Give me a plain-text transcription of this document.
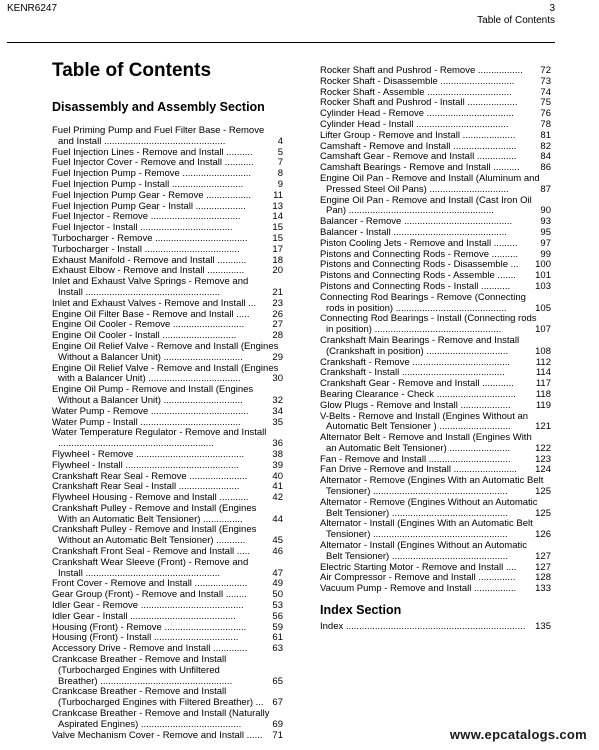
KENR6247	3
Table of Contents
Table of Contents
Disassembly and Assembly Section
Fuel Priming Pump and Fuel Filter Base - Remove
and Install ..............................................	4
Fuel Injection Lines - Remove and Install ..........	5
Fuel Injector Cover - Remove and Install ...........	7
Fuel Injection Pump - Remove ..........................	8
Fuel Injection Pump - Install ...........................	9
Fuel Injection Pump Gear - Remove .................	11
Fuel Injection Pump Gear - Install ...................	13
Fuel Injector - Remove ..................................	14
Fuel Injector - Install ...................................	15
Turbocharger - Remove ...................................	15
Turbocharger - Install ....................................	17
Exhaust Manifold - Remove and Install ...........	18
Exhaust Elbow - Remove and Install ..............	20
Inlet and Exhaust Valve Springs - Remove and
Install ...................................................	21
Inlet and Exhaust Valves - Remove and Install ...	23
Engine Oil Filter Base - Remove and Install .....	26
Engine Oil Cooler - Remove ...........................	27
Engine Oil Cooler - Install ............................	28
Engine Oil Relief Valve - Remove and Install (Engines
Without a Balancer Unit) ..............................	29
Engine Oil Relief Valve - Remove and Install (Engines
with a Balancer Unit) ...................................	30
Engine Oil Pump - Remove and Install (Engines
Without a Balancer Unit) ..............................	32
Water Pump - Remove .....................................	34
Water Pump - Install ......................................	35
Water Temperature Regulator - Remove and Install
...........................................................	36
Flywheel - Remove .........................................	38
Flywheel - Install ...........................................	39
Crankshaft Rear Seal - Remove ......................	40
Crankshaft Rear Seal - Install .......................	41
Flywheel Housing - Remove and Install ...........	42
Crankshaft Pulley - Remove and Install (Engines
With an Automatic Belt Tensioner) ...............	44
Crankshaft Pulley - Remove and Install (Engines
Without an Automatic Belt Tensioner) ...........	45
Crankshaft Front Seal - Remove and Install .....	46
Crankshaft Wear Sleeve (Front) - Remove and
Install ...................................................	47
Front Cover - Remove and Install ....................	49
Gear Group (Front) - Remove and Install ........	50
Idler Gear - Remove .......................................	53
Idler Gear - Install ........................................	56
Housing (Front) - Remove ...............................	59
Housing (Front) - Install ................................	61
Accessory Drive - Remove and Install .............	63
Crankcase Breather - Remove and Install
(Turbocharged Engines with Unfiltered
Breather) ..................................................	65
Crankcase Breather - Remove and Install
(Turbocharged Engines with Filtered Breather) ... 67
Crankcase Breather - Remove and Install (Naturally
Aspirated Engines) ......................................	69
Valve Mechanism Cover - Remove and Install ......	71
Rocker Shaft and Pushrod - Remove .................	72
Rocker Shaft - Disassemble ............................	73
Rocker Shaft - Assemble ................................	74
Rocker Shaft and Pushrod - Install ...................	75
Cylinder Head - Remove .................................	76
Cylinder Head - Install ...................................	78
Lifter Group - Remove and Install ....................	81
Camshaft - Remove and Install ........................	82
Camshaft Gear - Remove and Install ...............	84
Camshaft Bearings - Remove and Install ..........	86
Engine Oil Pan - Remove and Install (Aluminum and
Pressed Steel Oil Pans) ..............................	87
Engine Oil Pan - Remove and Install (Cast Iron Oil
Pan) .......................................................	90
Balancer - Remove .........................................	93
Balancer - Install ...........................................	95
Piston Cooling Jets - Remove and Install .........	97
Pistons and Connecting Rods - Remove ..........	99
Pistons and Connecting Rods - Disassemble ...	100
Pistons and Connecting Rods - Assemble .......	101
Pistons and Connecting Rods - Install ...........	103
Connecting Rod Bearings - Remove (Connecting
rods in position) ..........................................	105
Connecting Rod Bearings - Install (Connecting rods
in position) ................................................	107
Crankshaft Main Bearings - Remove and Install
(Crankshaft in position) ...............................	108
Crankshaft - Remove .....................................	112
Crankshaft - Install .......................................	114
Crankshaft Gear - Remove and Install ............	117
Bearing Clearance - Check ..............................	118
Glow Plugs - Remove and Install ...................	119
V-Belts - Remove and Install (Engines Without an
Automatic Belt Tensioner ) ...........................	121
Alternator Belt - Remove and Install (Engines With
an Automatic Belt Tensioner) .......................	122
Fan - Remove and Install ...............................	123
Fan Drive - Remove and Install ........................	124
Alternator - Remove (Engines With an Automatic Belt
Tensioner) ...................................................	125
Alternator - Remove (Engines Without an Automatic
Belt Tensioner) ............................................	125
Alternator - Install (Engines With an Automatic Belt
Tensioner) ...................................................	126
Alternator - Install (Engines Without an Automatic
Belt Tensioner) ............................................	127
Electric Starting Motor - Remove and Install ....	127
Air Compressor - Remove and Install ..............	128
Vacuum Pump - Remove and Install ................	133
Index Section
Index ....................................................................	135
www.epcatalogs.com
